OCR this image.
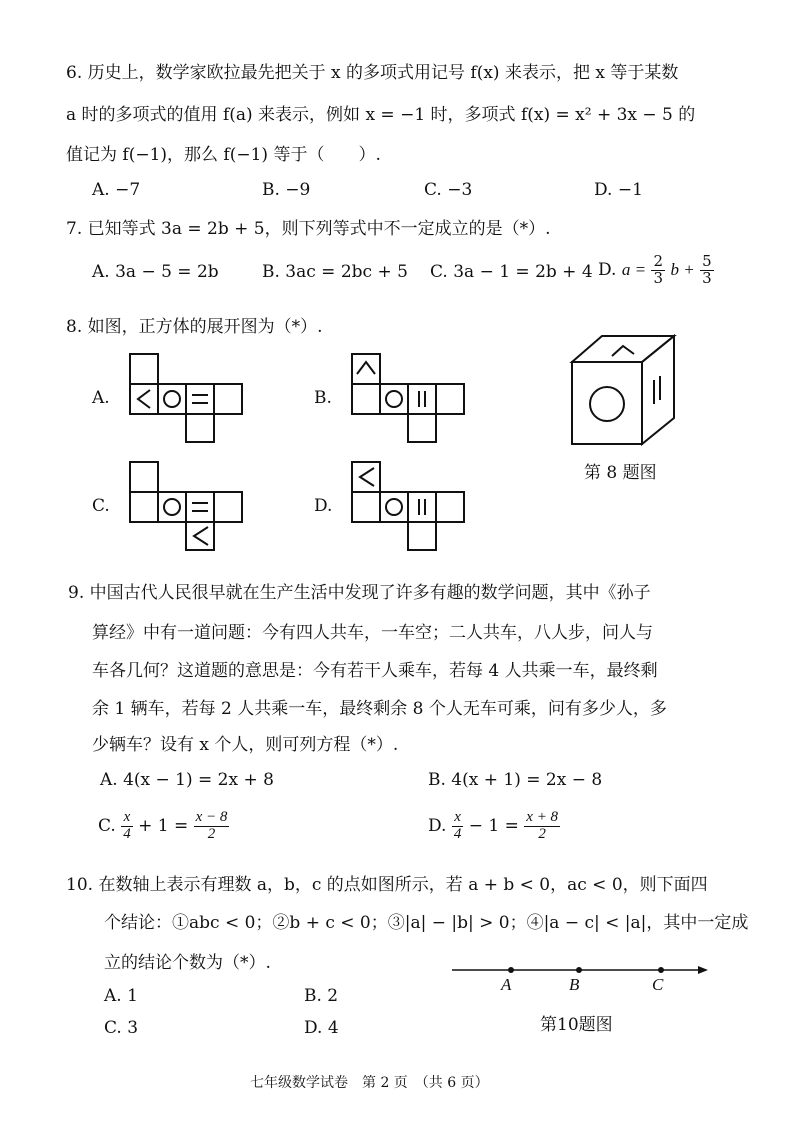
6. 历史上，数学家欧拉最先把关于 x 的多项式用记号 f(x) 来表示，把 x 等于某数
a 时的多项式的值用 f(a) 来表示，例如 x = −1 时，多项式 f(x) = x² + 3x − 5 的
值记为 f(−1)，那么 f(−1) 等于（　　）.
A. −7	B. −9	C. −3	D. −1
7. 已知等式 3a = 2b + 5，则下列等式中不一定成立的是（*）.
A. 3a − 5 = 2b	B. 3ac = 2bc + 5 C. 3a − 1 = 2b + 4 D. $a = \frac{2}{3}$ $b + \frac{5}{3}$
8. 如图，正方体的展开图为（*）.
A.	B.
C.	D.
第 8 题图
9. 中国古代人民很早就在生产生活中发现了许多有趣的数学问题，其中《孙子
算经》中有一道问题：今有四人共车，一车空；二人共车，八人步，问人与
车各几何？这道题的意思是：今有若干人乘车，若每 4 人共乘一车，最终剩
余 1 辆车，若每 2 人共乘一车，最终剩余 8 个人无车可乘，问有多少人，多
少辆车？设有 x 个人，则可列方程（*）.
A. 4(x − 1) = 2x + 8	B. 4(x + 1) = 2x − 8
C. $\frac{x}{4} + 1 = \frac{x - 8}{2}$	D. $\frac{x}{4} - 1 = \frac{x + 8}{2}$
10. 在数轴上表示有理数 a，b，c 的点如图所示，若 a + b < 0，ac < 0，则下面四
个结论：①abc < 0；②b + c < 0；③|a| − |b| > 0；④|a − c| < |a|，其中一定成
立的结论个数为（*）.
A. 1	B. 2
C. 3	D. 4
A	B	C
第10题图
七年级数学试卷　第 2 页　（共 6 页）
